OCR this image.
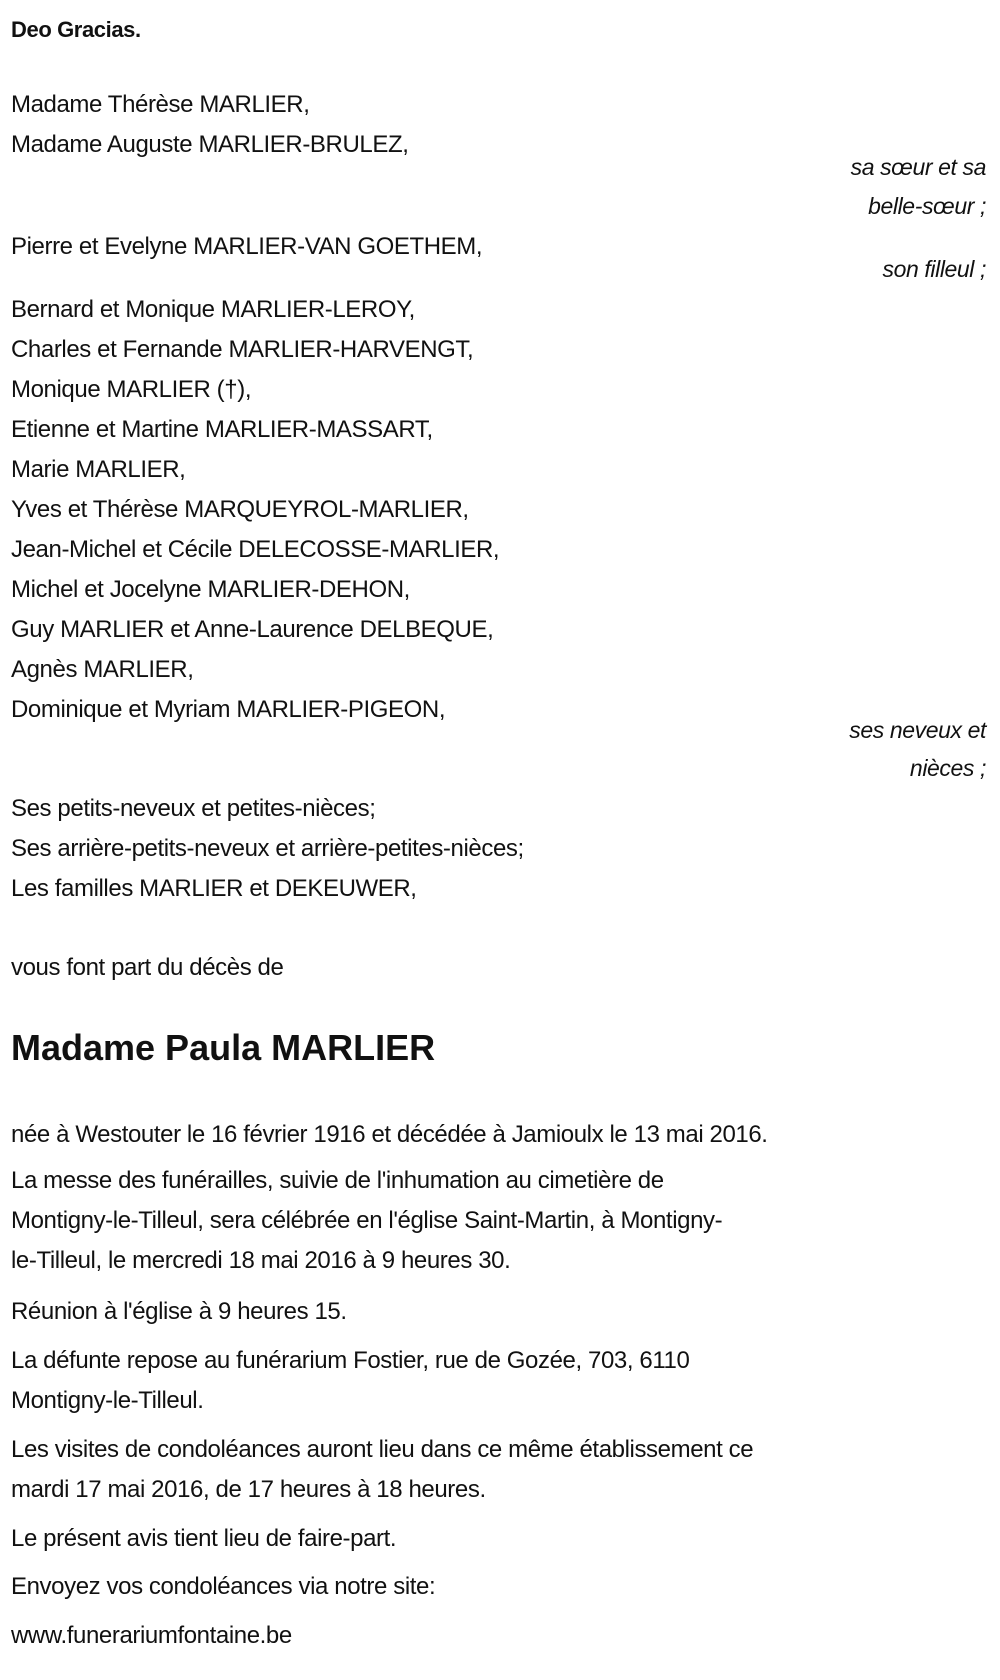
Deo Gracias.
Madame Thérèse MARLIER,
Madame Auguste MARLIER-BRULEZ,
sa sœur et sa
belle-sœur ;
Pierre et Evelyne MARLIER-VAN GOETHEM,
son filleul ;
Bernard et Monique MARLIER-LEROY,
Charles et Fernande MARLIER-HARVENGT,
Monique MARLIER (†),
Etienne et Martine MARLIER-MASSART,
Marie MARLIER,
Yves et Thérèse MARQUEYROL-MARLIER,
Jean-Michel et Cécile DELECOSSE-MARLIER,
Michel et Jocelyne MARLIER-DEHON,
Guy MARLIER et Anne-Laurence DELBEQUE,
Agnès MARLIER,
Dominique et Myriam MARLIER-PIGEON,
ses neveux et
nièces ;
Ses petits-neveux et petites-nièces;
Ses arrière-petits-neveux et arrière-petites-nièces;
Les familles MARLIER et DEKEUWER,
vous font part du décès de
Madame Paula MARLIER
née à Westouter le 16 février 1916 et décédée à Jamioulx le 13 mai 2016.
La messe des funérailles, suivie de l'inhumation au cimetière de
Montigny-le-Tilleul, sera célébrée en l'église Saint-Martin, à Montigny-
le-Tilleul, le mercredi 18 mai 2016 à 9 heures 30.
Réunion à l'église à 9 heures 15.
La défunte repose au funérarium Fostier, rue de Gozée, 703, 6110
Montigny-le-Tilleul.
Les visites de condoléances auront lieu dans ce même établissement ce
mardi 17 mai 2016, de 17 heures à 18 heures.
Le présent avis tient lieu de faire-part.
Envoyez vos condoléances via notre site:
www.funerariumfontaine.be
